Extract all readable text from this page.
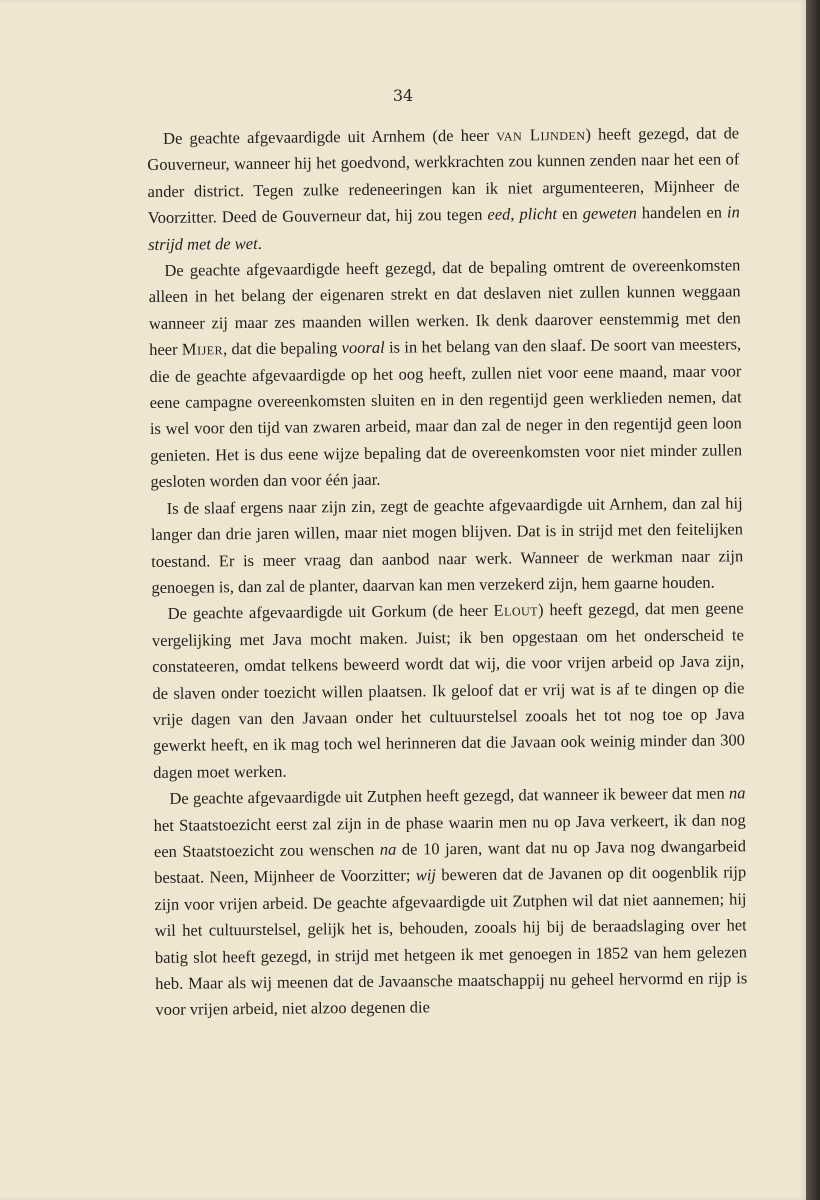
34

De geachte afgevaardigde uit Arnhem (de heer van Lijnden) heeft gezegd, dat de Gouverneur, wanneer hij het goedvond, werkkrachten zou kunnen zenden naar het een of ander district. Tegen zulke redeneeringen kan ik niet argumenteeren, Mijnheer de Voorzitter. Deed de Gouverneur dat, hij zou tegen eed, plicht en geweten handelen en in strijd met de wet.

De geachte afgevaardigde heeft gezegd, dat de bepaling omtrent de overeenkomsten alleen in het belang der eigenaren strekt en dat deslaven niet zullen kunnen weggaan wanneer zij maar zes maanden willen werken. Ik denk daarover eenstemmig met den heer Mijer, dat die bepaling vooral is in het belang van den slaaf. De soort van meesters, die de geachte afgevaardigde op het oog heeft, zullen niet voor eene maand, maar voor eene campagne overeenkomsten sluiten en in den regentijd geen werklieden nemen, dat is wel voor den tijd van zwaren arbeid, maar dan zal de neger in den regentijd geen loon genieten. Het is dus eene wijze bepaling dat de overeenkomsten voor niet minder zullen gesloten worden dan voor één jaar.

Is de slaaf ergens naar zijn zin, zegt de geachte afgevaardigde uit Arnhem, dan zal hij langer dan drie jaren willen, maar niet mogen blijven. Dat is in strijd met den feitelijken toestand. Er is meer vraag dan aanbod naar werk. Wanneer de werkman naar zijn genoegen is, dan zal de planter, daarvan kan men verzekerd zijn, hem gaarne houden.

De geachte afgevaardigde uit Gorkum (de heer Elout) heeft gezegd, dat men geene vergelijking met Java mocht maken. Juist; ik ben opgestaan om het onderscheid te constateeren, omdat telkens beweerd wordt dat wij, die voor vrijen arbeid op Java zijn, de slaven onder toezicht willen plaatsen. Ik geloof dat er vrij wat is af te dingen op die vrije dagen van den Javaan onder het cultuurstelsel zooals het tot nog toe op Java gewerkt heeft, en ik mag toch wel herinneren dat die Javaan ook weinig minder dan 300 dagen moet werken.

De geachte afgevaardigde uit Zutphen heeft gezegd, dat wanneer ik beweer dat men na het Staatstoezicht eerst zal zijn in de phase waarin men nu op Java verkeert, ik dan nog een Staatstoezicht zou wenschen na de 10 jaren, want dat nu op Java nog dwangarbeid bestaat. Neen, Mijnheer de Voorzitter; wij beweren dat de Javanen op dit oogenblik rijp zijn voor vrijen arbeid. De geachte afgevaardigde uit Zutphen wil dat niet aannemen; hij wil het cultuurstelsel, gelijk het is, behouden, zooals hij bij de beraadslaging over het batig slot heeft gezegd, in strijd met hetgeen ik met genoegen in 1852 van hem gelezen heb. Maar als wij meenen dat de Javaansche maatschappij nu geheel hervormd en rijp is voor vrijen arbeid, niet alzoo degenen die
